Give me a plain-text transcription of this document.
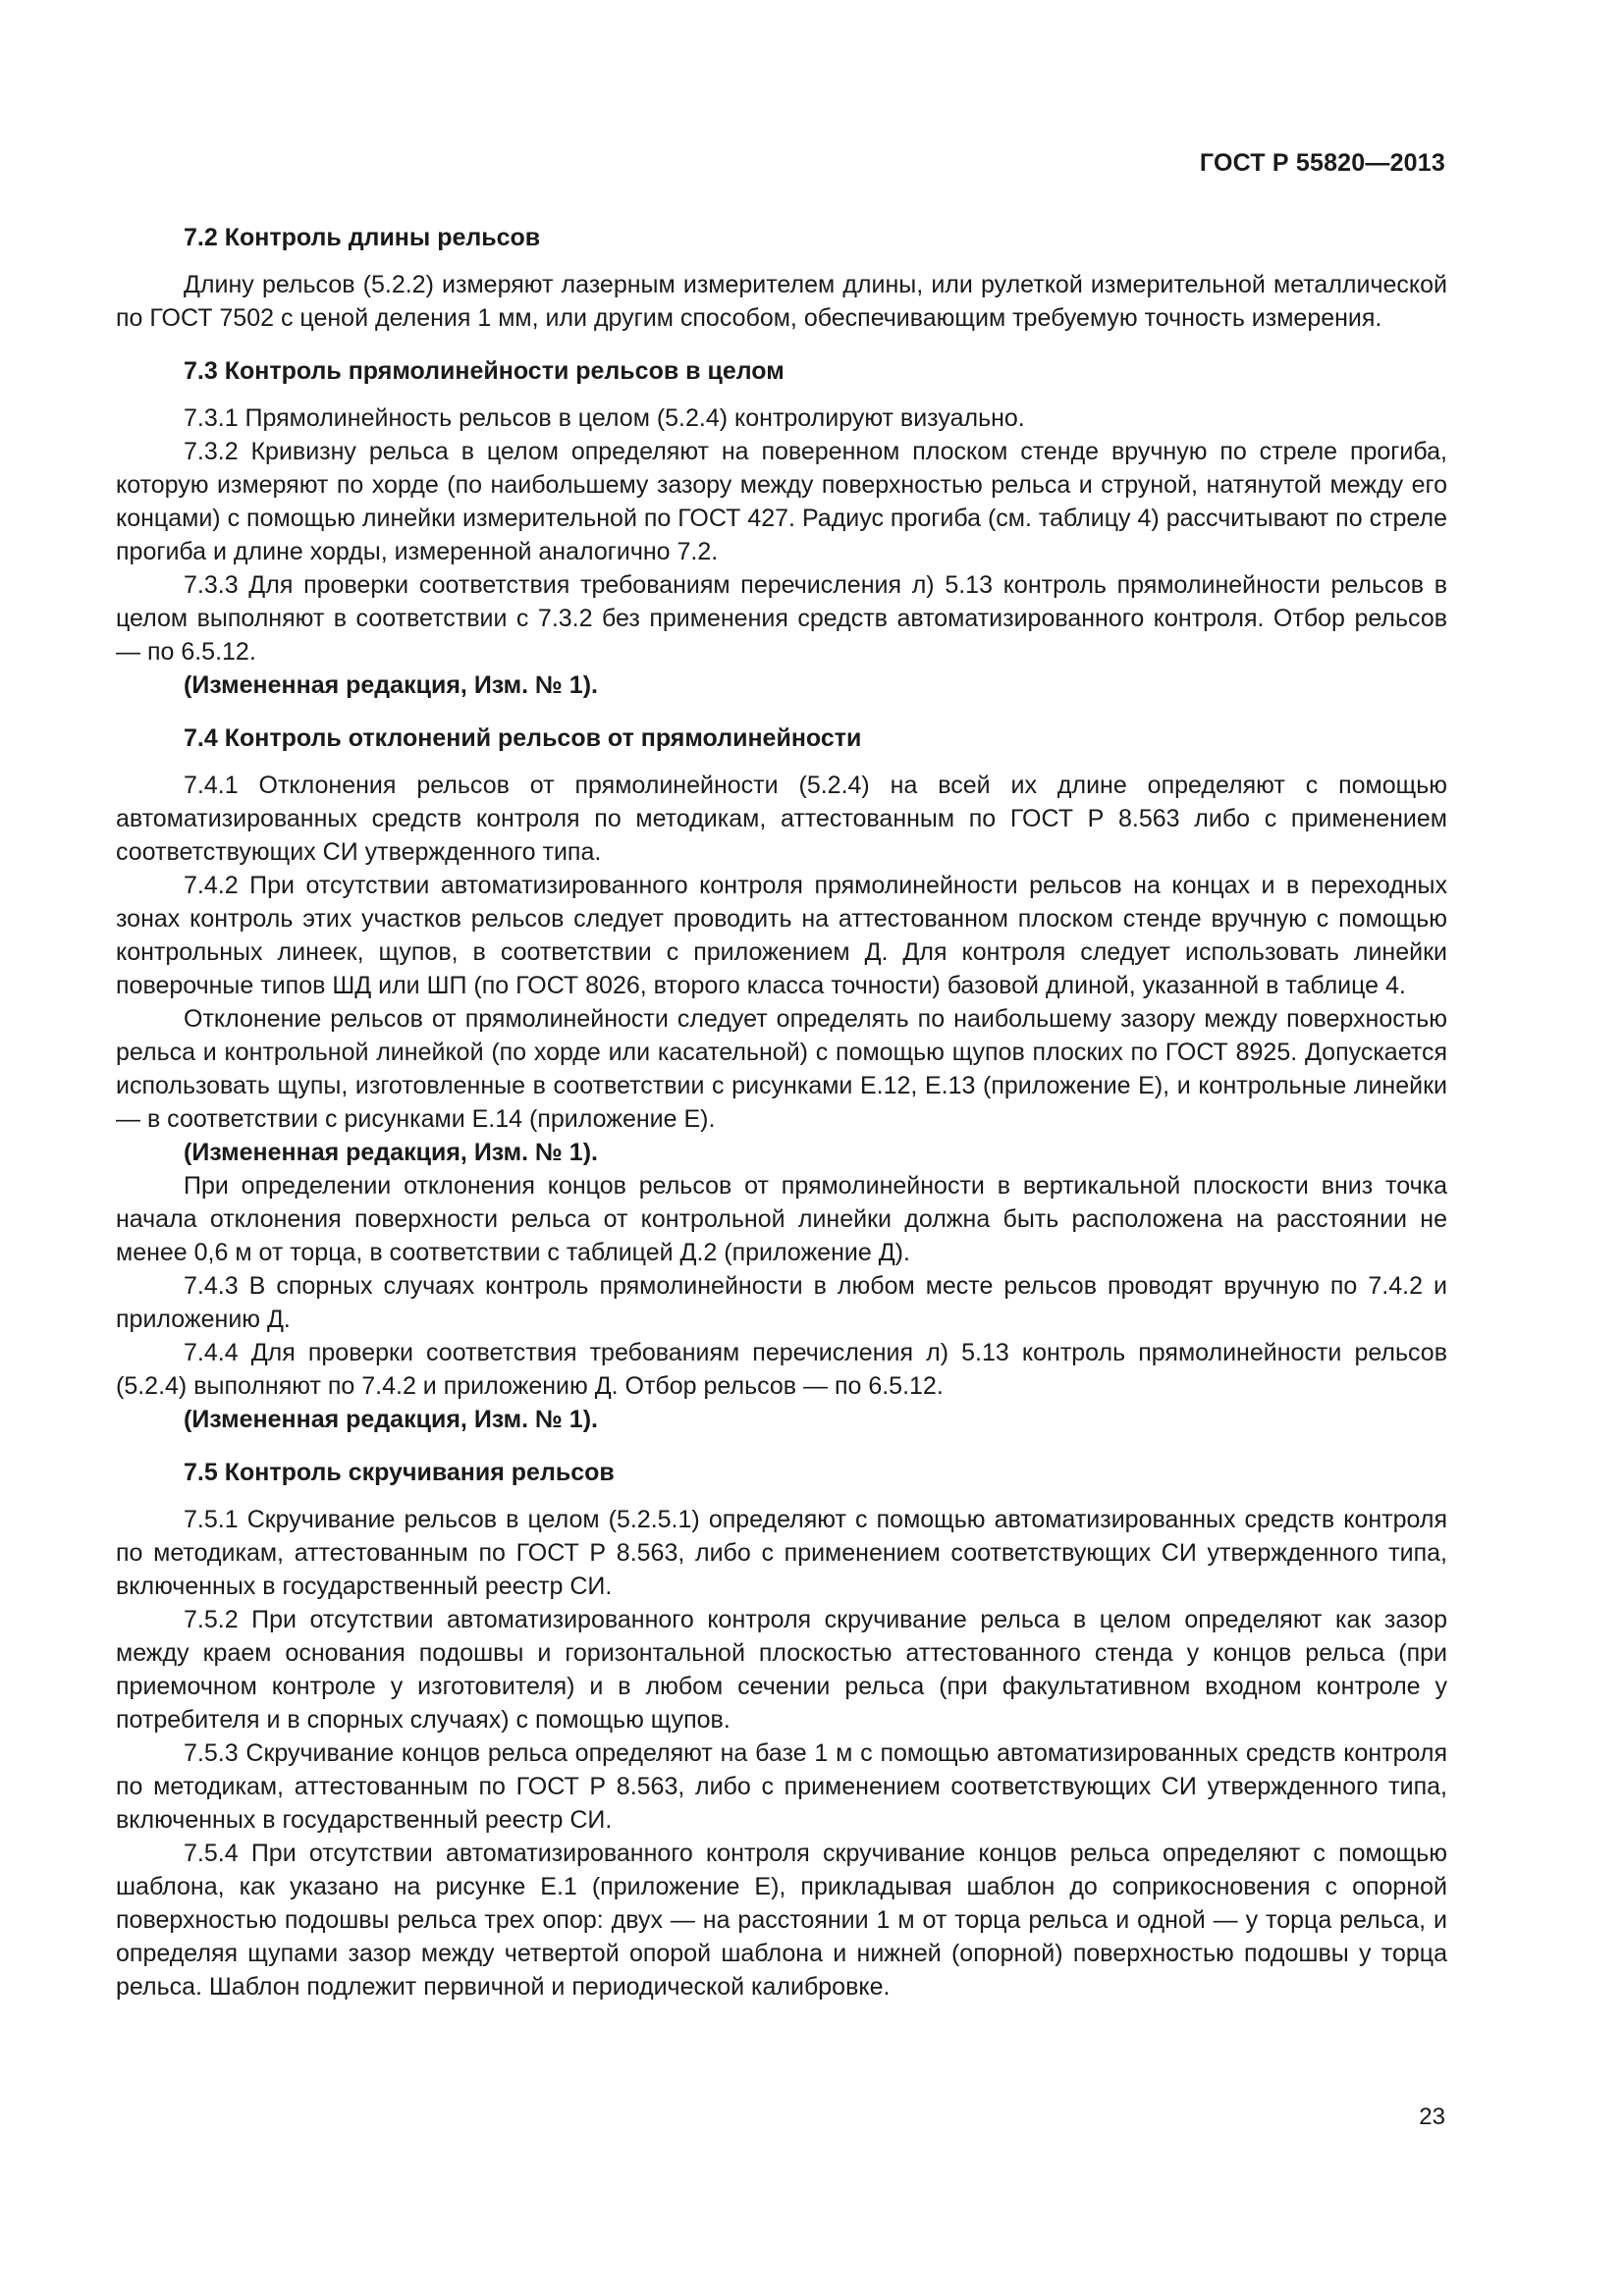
ГОСТ Р 55820—2013
7.2 Контроль длины рельсов

Длину рельсов (5.2.2) измеряют лазерным измерителем длины, или рулеткой измерительной металлической по ГОСТ 7502 с ценой деления 1 мм, или другим способом, обеспечивающим требуемую точность измерения.

7.3 Контроль прямолинейности рельсов в целом

7.3.1 Прямолинейность рельсов в целом (5.2.4) контролируют визуально.

7.3.2 Кривизну рельса в целом определяют на поверенном плоском стенде вручную по стреле прогиба, которую измеряют по хорде (по наибольшему зазору между поверхностью рельса и струной, натянутой между его концами) с помощью линейки измерительной по ГОСТ 427. Радиус прогиба (см. таблицу 4) рассчитывают по стреле прогиба и длине хорды, измеренной аналогично 7.2.

7.3.3 Для проверки соответствия требованиям перечисления л) 5.13 контроль прямолинейности рельсов в целом выполняют в соответствии с 7.3.2 без применения средств автоматизированного контроля. Отбор рельсов — по 6.5.12.

(Измененная редакция, Изм. № 1).

7.4 Контроль отклонений рельсов от прямолинейности

7.4.1 Отклонения рельсов от прямолинейности (5.2.4) на всей их длине определяют с помощью автоматизированных средств контроля по методикам, аттестованным по ГОСТ Р 8.563 либо с применением соответствующих СИ утвержденного типа.

7.4.2 При отсутствии автоматизированного контроля прямолинейности рельсов на концах и в переходных зонах контроль этих участков рельсов следует проводить на аттестованном плоском стенде вручную с помощью контрольных линеек, щупов, в соответствии с приложением Д. Для контроля следует использовать линейки поверочные типов ШД или ШП (по ГОСТ 8026, второго класса точности) базовой длиной, указанной в таблице 4.

Отклонение рельсов от прямолинейности следует определять по наибольшему зазору между поверхностью рельса и контрольной линейкой (по хорде или касательной) с помощью щупов плоских по ГОСТ 8925. Допускается использовать щупы, изготовленные в соответствии с рисунками Е.12, Е.13 (приложение Е), и контрольные линейки — в соответствии с рисунками Е.14 (приложение Е).

(Измененная редакция, Изм. № 1).

При определении отклонения концов рельсов от прямолинейности в вертикальной плоскости вниз точка начала отклонения поверхности рельса от контрольной линейки должна быть расположена на расстоянии не менее 0,6 м от торца, в соответствии с таблицей Д.2 (приложение Д).

7.4.3 В спорных случаях контроль прямолинейности в любом месте рельсов проводят вручную по 7.4.2 и приложению Д.

7.4.4 Для проверки соответствия требованиям перечисления л) 5.13 контроль прямолинейности рельсов (5.2.4) выполняют по 7.4.2 и приложению Д. Отбор рельсов — по 6.5.12.

(Измененная редакция, Изм. № 1).

7.5 Контроль скручивания рельсов

7.5.1 Скручивание рельсов в целом (5.2.5.1) определяют с помощью автоматизированных средств контроля по методикам, аттестованным по ГОСТ Р 8.563, либо с применением соответствующих СИ утвержденного типа, включенных в государственный реестр СИ.

7.5.2 При отсутствии автоматизированного контроля скручивание рельса в целом определяют как зазор между краем основания подошвы и горизонтальной плоскостью аттестованного стенда у концов рельса (при приемочном контроле у изготовителя) и в любом сечении рельса (при факультативном входном контроле у потребителя и в спорных случаях) с помощью щупов.

7.5.3 Скручивание концов рельса определяют на базе 1 м с помощью автоматизированных средств контроля по методикам, аттестованным по ГОСТ Р 8.563, либо с применением соответствующих СИ утвержденного типа, включенных в государственный реестр СИ.

7.5.4 При отсутствии автоматизированного контроля скручивание концов рельса определяют с помощью шаблона, как указано на рисунке Е.1 (приложение Е), прикладывая шаблон до соприкосновения с опорной поверхностью подошвы рельса трех опор: двух — на расстоянии 1 м от торца рельса и одной — у торца рельса, и определяя щупами зазор между четвертой опорой шаблона и нижней (опорной) поверхностью подошвы у торца рельса. Шаблон подлежит первичной и периодической калибровке.

23
